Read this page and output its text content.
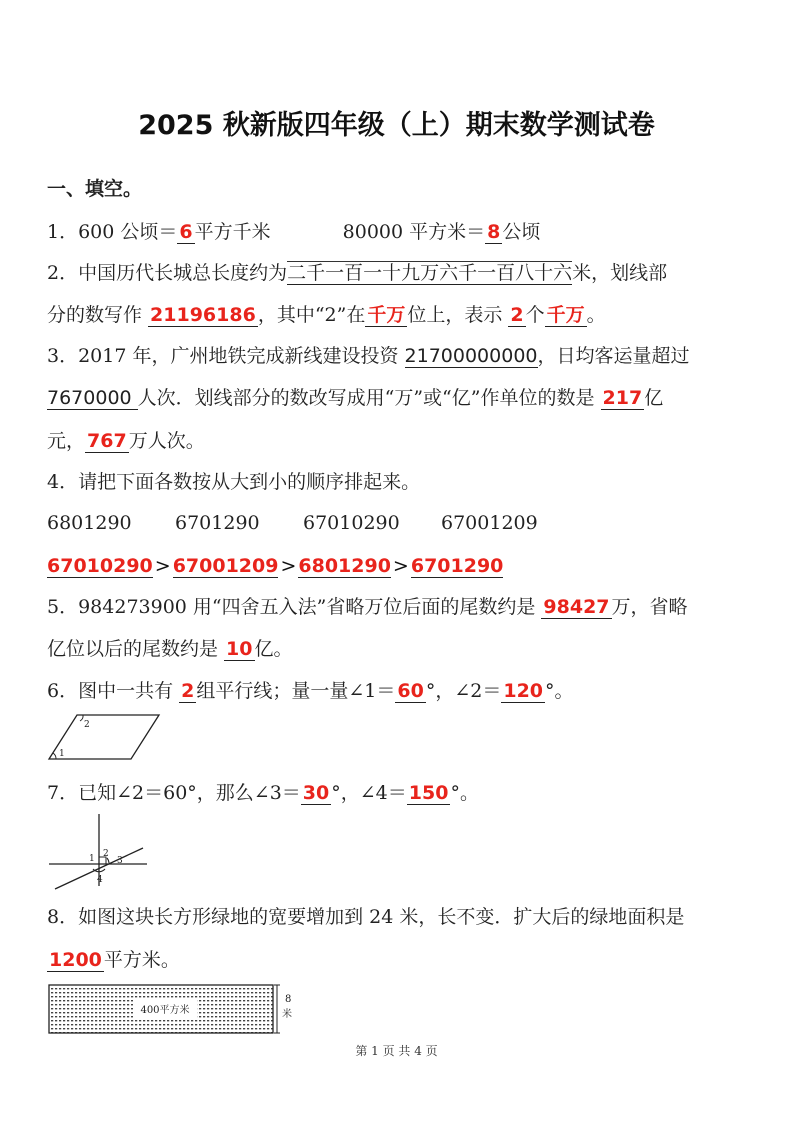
2025 秋新版四年级（上）期末数学测试卷
一、填空。
1．600 公顷＝ 6 平方千米	80000 平方米＝ 8 公顷
2．中国历代长城总长度约为二千一百一十九万六千一百八十六米，划线部
分的数写作 21196186 ，其中“2”在 千万 位上，表示 2 个 千万 。
3．2017 年，广州地铁完成新线建设投资 21700000000，日均客运量超过
7670000 人次．划线部分的数改写成用“万”或“亿”作单位的数是 217 亿
元， 767 万人次。
4．请把下面各数按从大到小的顺序排起来。
6801290 6701290 67010290 67001209
67010290 > 67001209 > 6801290 > 6701290
5．984273900 用“四舍五入法”省略万位后面的尾数约是 98427 万，省略
亿位以后的尾数约是 10 亿。
6．图中一共有 2 组平行线；量一量∠1＝ 60 °，∠2＝ 120 °。
2
1
7．已知∠2＝60°，那么∠3＝ 30 °，∠4＝ 150 °。
1 2
3
4
8．如图这块长方形绿地的宽要增加到 24 米，长不变．扩大后的绿地面积是
1200 平方米。
400平方米
8
米
第 1 页 共 4 页
